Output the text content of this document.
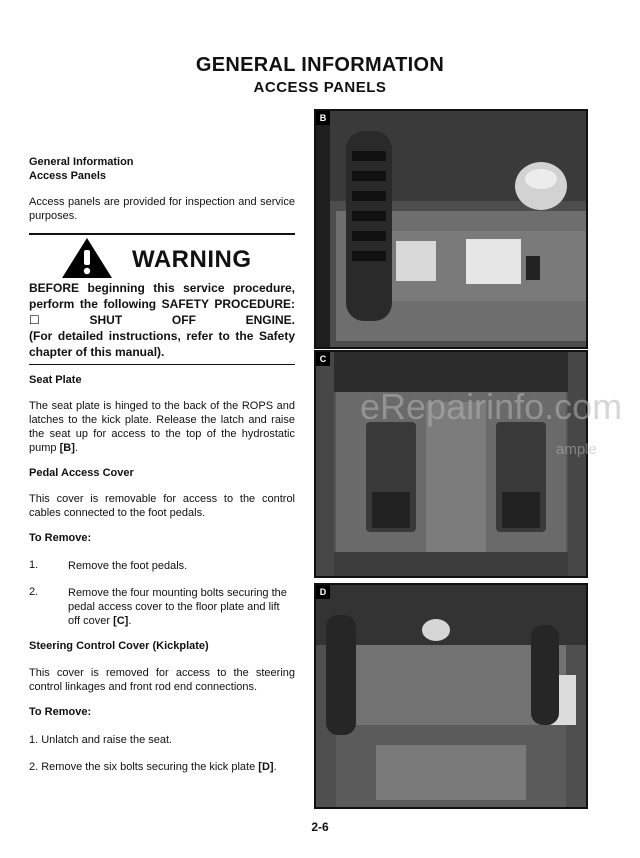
GENERAL INFORMATION
ACCESS PANELS
General Information
Access Panels
Access panels are provided for inspection and service purposes.
WARNING
BEFORE beginning this service procedure,
perform the following SAFETY PROCEDURE:
☐	SHUT	OFF	ENGINE.
(For detailed instructions, refer to the Safety
chapter of this manual).
Seat Plate
The seat plate is hinged to the back of the ROPS and latches to the kick plate. Release the latch and raise the seat up for access to the top of the hydrostatic pump [B].
Pedal Access Cover
This cover is removable for access to the control cables connected to the foot pedals.
To Remove:
1.	Remove the foot pedals.
2.	Remove the four mounting bolts securing the pedal access cover to the floor plate and lift off cover [C].
Steering Control Cover (Kickplate)
This cover is removed for access to the steering control linkages and front rod end connections.
To Remove:
1. Unlatch and raise the seat.
2. Remove the six bolts securing the kick plate [D].
B
C
D
eRepairinfo.com
ample
2-6
